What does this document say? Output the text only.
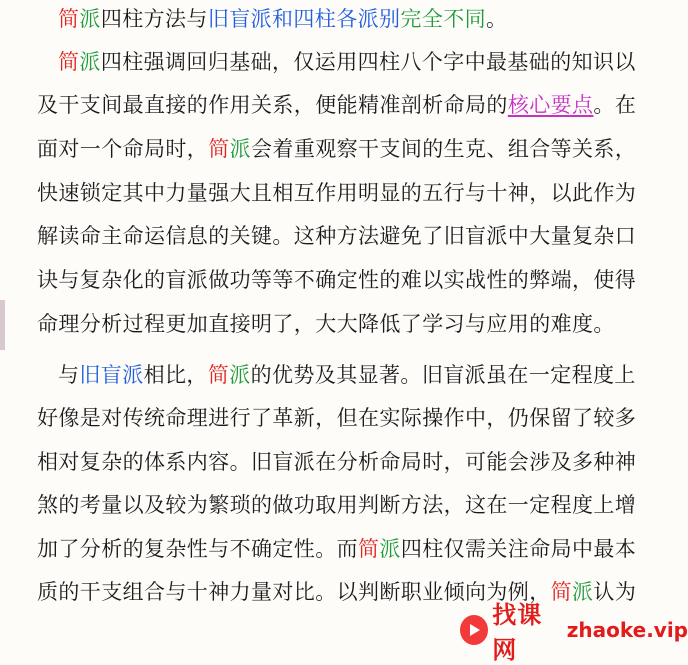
简派四柱方法与旧盲派和四柱各派别完全不同。
简派四柱强调回归基础，仅运用四柱八个字中最基础的知识以
及干支间最直接的作用关系，便能精准剖析命局的核心要点。在
面对一个命局时，简派会着重观察干支间的生克、组合等关系，
快速锁定其中力量强大且相互作用明显的五行与十神，以此作为
解读命主命运信息的关键。这种方法避免了旧盲派中大量复杂口
诀与复杂化的盲派做功等等不确定性的难以实战性的弊端，使得
命理分析过程更加直接明了，大大降低了学习与应用的难度。
与旧盲派相比，简派的优势及其显著。旧盲派虽在一定程度上
好像是对传统命理进行了革新，但在实际操作中，仍保留了较多
相对复杂的体系内容。旧盲派在分析命局时，可能会涉及多种神
煞的考量以及较为繁琐的做功取用判断方法，这在一定程度上增
加了分析的复杂性与不确定性。而简派四柱仅需关注命局中最本
质的干支组合与十神力量对比。以判断职业倾向为例，简派认为
找课网
zhaoke.vip
